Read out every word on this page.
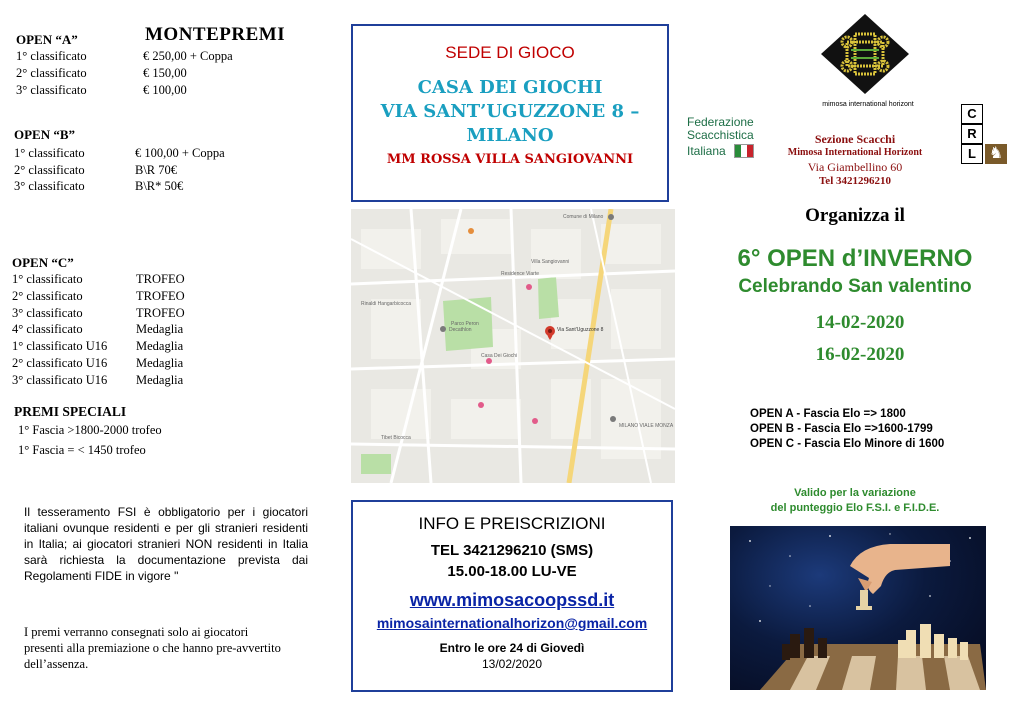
OPEN “A”	MONTEPREMI
1° classificato	€ 250,00 + Coppa
2° classificato	€ 150,00
3° classificato	€ 100,00
OPEN “B”
1° classificato	€ 100,00 + Coppa
2° classificato	B\R 70€
3° classificato	B\R* 50€
OPEN “C”
1° classificato	TROFEO
2° classificato	TROFEO
3° classificato	TROFEO
4° classificato	Medaglia
1° classificato U16 Medaglia
2° classificato U16 Medaglia
3° classificato U16 Medaglia
PREMI SPECIALI
1° Fascia >1800-2000 trofeo
1° Fascia = < 1450 trofeo
Il tesseramento FSI è obbligatorio per i giocatori italiani ovunque residenti e per gli stranieri residenti in Italia; ai giocatori stranieri NON residenti in Italia sarà richiesta la documentazione prevista dai Regolamenti FIDE in vigore "
I premi verranno consegnati solo ai giocatori presenti alla premiazione o che hanno pre-avvertito dell’assenza.
SEDE DI GIOCO
CASA DEI GIOCHI
VIA SANT’UGUZZONE 8 –
MILANO
MM ROSSA VILLA SANGIOVANNI
Comune di Milano
Villa Sangiovanni
Parco Peron
Casa Dei Giochi
MILANO VIALE MONZA
Decathlon
Rinaldi Hangarbicocca
Tibet Bicocca
Residence Viarte
Via Sant'Uguzzone 8
INFO E PREISCRIZIONI
TEL 3421296210 (SMS)
15.00-18.00 LU-VE
www.mimosacoopssd.it
mimosainternationalhorizon@gmail.com
Entro le ore 24 di Giovedì
13/02/2020
mimosa international horizont
Federazione
Scacchistica
Italiana
C
R
L ♞
Sezione Scacchi
Mimosa International Horizont
Via Giambellino 60
Tel 3421296210
Organizza il
6° OPEN d’INVERNO
Celebrando San valentino
14-02-2020
16-02-2020
OPEN A - Fascia Elo => 1800
OPEN B - Fascia Elo =>1600-1799
OPEN C - Fascia Elo Minore di 1600
Valido per la variazione
del punteggio Elo F.S.I. e F.I.D.E.
